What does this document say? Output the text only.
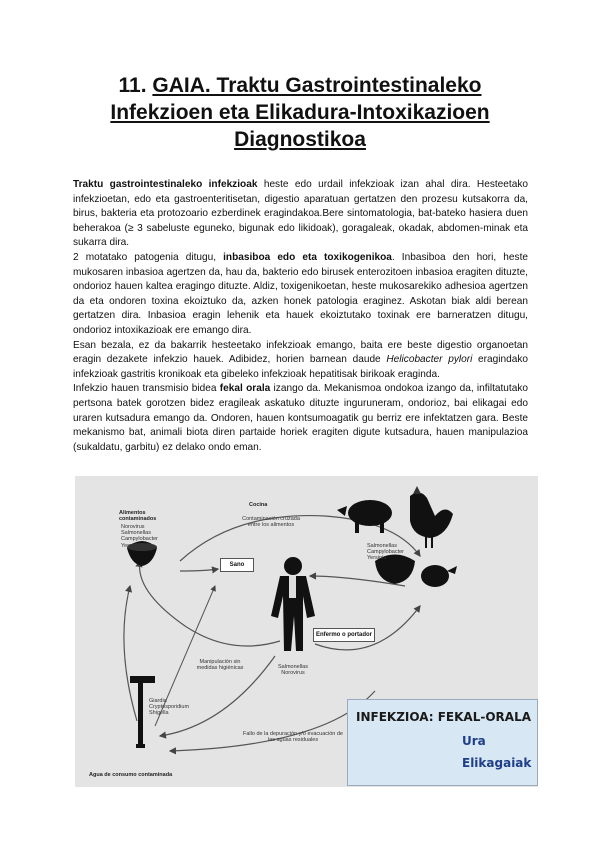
11. GAIA. Traktu Gastrointestinaleko
Infekzioen eta Elikadura-Intoxikazioen
Diagnostikoa

Traktu gastrointestinaleko infekzioak heste edo urdail infekzioak izan ahal dira. Hesteetako infekzioetan, edo eta gastroenteritisetan, digestio aparatuan gertatzen den prozesu kutsakorra da, birus, bakteria eta protozoario ezberdinek eragindakoa.Bere sintomatologia, bat-bateko hasiera duen beherakoa (≥ 3 sabeluste eguneko, bigunak edo likidoak), goragaleak, okadak, abdomen-minak eta sukarra dira.

2 motatako patogenia ditugu, inbasiboa edo eta toxikogenikoa. Inbasiboa den hori, heste mukosaren inbasioa agertzen da, hau da, bakterio edo birusek enterozitoen inbasioa eragiten dituzte, ondorioz hauen kaltea eragingo dituzte. Aldiz, toxigenikoetan, heste mukosarekiko adhesioa agertzen da eta ondoren toxina ekoiztuko da, azken honek patologia eraginez. Askotan biak aldi berean gertatzen dira. Inbasioa eragin lehenik eta hauek ekoiztutako toxinak ere barneratzen ditugu, ondorioz intoxikazioak ere emango dira.

Esan bezala, ez da bakarrik hesteetako infekzioak emango, baita ere beste digestio organoetan eragin dezakete infekzio hauek. Adibidez, horien barnean daude Helicobacter pylori eragindako infekzioak gastritis kronikoak eta gibeleko infekzioak hepatitisak birikoak eraginda.

Infekzio hauen transmisio bidea fekal orala izango da. Mekanismoa ondokoa izango da, infiltatutako pertsona batek gorotzen bidez eragileak askatuko dituzte inguruneram, ondorioz, bai elikagai edo uraren kutsadura emango da. Ondoren, hauen kontsumoagatik gu berriz ere infektatzen gara. Beste mekanismo bat, animali biota diren partaide horiek eragiten digute kutsadura, hauen manipulazioa (sukaldatu, garbitu) ez delako ondo eman.

Alimentos contaminados
Norovirus
Salmonellas
Campylobacter
Yersinia
Cocina
Contaminación cruzada entre los alimentos
Salmonellas
Campylobacter
Yersinia
Sano
Enfermo o portador
Manipulación sin medidas higiénicas	Salmonellas Norovirus
Giardia
Cryptosporidium
Shigella
Fallo de la depuración y/o evacuación de las aguas residuales
Agua de consumo contaminada
INFEKZIOA: FEKAL-ORALA
Ura
Elikagaiak
